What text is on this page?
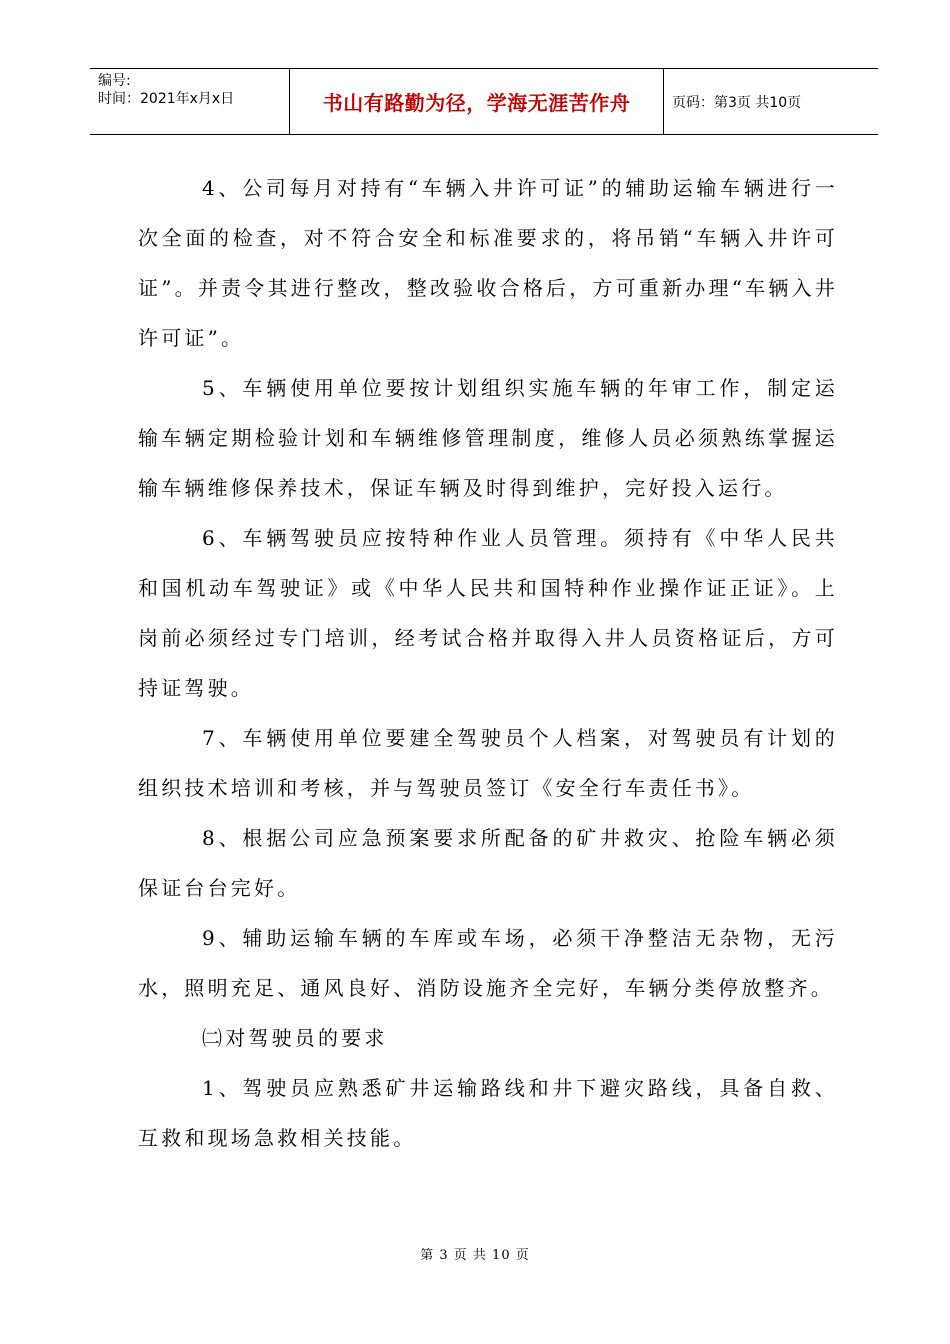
编号:
时间：2021年x月x日	书山有路勤为径，学海无涯苦作舟	页码：第3页 共10页

4、公司每月对持有“车辆入井许可证”的辅助运输车辆进行一次全面的检查，对不符合安全和标准要求的，将吊销“车辆入井许可证”。并责令其进行整改，整改验收合格后，方可重新办理“车辆入井许可证”。

5、车辆使用单位要按计划组织实施车辆的年审工作，制定运输车辆定期检验计划和车辆维修管理制度，维修人员必须熟练掌握运输车辆维修保养技术，保证车辆及时得到维护，完好投入运行。

6、车辆驾驶员应按特种作业人员管理。须持有《中华人民共和国机动车驾驶证》或《中华人民共和国特种作业操作证正证》。上岗前必须经过专门培训，经考试合格并取得入井人员资格证后，方可持证驾驶。

7、车辆使用单位要建全驾驶员个人档案，对驾驶员有计划的组织技术培训和考核，并与驾驶员签订《安全行车责任书》。

8、根据公司应急预案要求所配备的矿井救灾、抢险车辆必须保证台台完好。

9、辅助运输车辆的车库或车场，必须干净整洁无杂物，无污水，照明充足、通风良好、消防设施齐全完好，车辆分类停放整齐。

㈡对驾驶员的要求

1、驾驶员应熟悉矿井运输路线和井下避灾路线，具备自救、互救和现场急救相关技能。

第 3 页 共 10 页
